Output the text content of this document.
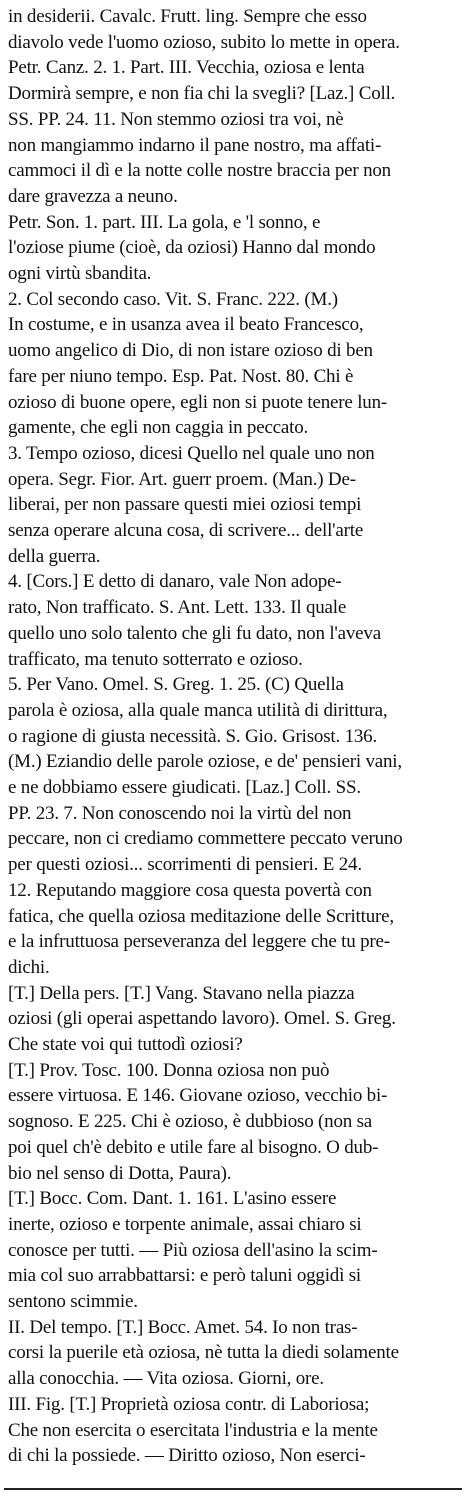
in desiderii. Cavalc. Frutt. ling. Sempre che esso
diavolo vede l'uomo ozioso, subito lo mette in opera.
Petr. Canz. 2. 1. Part. III. Vecchia, oziosa e lenta
Dormirà sempre, e non fia chi la svegli? [Laz.] Coll.
SS. PP. 24. 11. Non stemmo oziosi tra voi, nè
non mangiammo indarno il pane nostro, ma affati-
cammoci il dì e la notte colle nostre braccia per non
dare gravezza a neuno.
Petr. Son. 1. part. III. La gola, e 'l sonno, e
l'oziose piume (cioè, da oziosi) Hanno dal mondo
ogni virtù sbandita.
2. Col secondo caso. Vit. S. Franc. 222. (M.)
In costume, e in usanza avea il beato Francesco,
uomo angelico di Dio, di non istare ozioso di ben
fare per niuno tempo. Esp. Pat. Nost. 80. Chi è
ozioso di buone opere, egli non si puote tenere lun-
gamente, che egli non caggia in peccato.
3. Tempo ozioso, dicesi Quello nel quale uno non
opera. Segr. Fior. Art. guerr proem. (Man.) De-
liberai, per non passare questi miei oziosi tempi
senza operare alcuna cosa, di scrivere... dell'arte
della guerra.
4. [Cors.] E detto di danaro, vale Non adope-
rato, Non trafficato. S. Ant. Lett. 133. Il quale
quello uno solo talento che gli fu dato, non l'aveva
trafficato, ma tenuto sotterrato e ozioso.
5. Per Vano. Omel. S. Greg. 1. 25. (C) Quella
parola è oziosa, alla quale manca utilità di dirittura,
o ragione di giusta necessità. S. Gio. Grisost. 136.
(M.) Eziandio delle parole oziose, e de' pensieri vani,
e ne dobbiamo essere giudicati. [Laz.] Coll. SS.
PP. 23. 7. Non conoscendo noi la virtù del non
peccare, non ci crediamo commettere peccato veruno
per questi oziosi... scorrimenti di pensieri. E 24.
12. Reputando maggiore cosa questa povertà con
fatica, che quella oziosa meditazione delle Scritture,
e la infruttuosa perseveranza del leggere che tu pre-
dichi.
[T.] Della pers. [T.] Vang. Stavano nella piazza
oziosi (gli operai aspettando lavoro). Omel. S. Greg.
Che state voi qui tuttodì oziosi?
[T.] Prov. Tosc. 100. Donna oziosa non può
essere virtuosa. E 146. Giovane ozioso, vecchio bi-
sognoso. E 225. Chi è ozioso, è dubbioso (non sa
poi quel ch'è debito e utile fare al bisogno. O dub-
bio nel senso di Dotta, Paura).
[T.] Bocc. Com. Dant. 1. 161. L'asino essere
inerte, ozioso e torpente animale, assai chiaro si
conosce per tutti. — Più oziosa dell'asino la scim-
mia col suo arrabbattarsi: e però taluni oggidì si
sentono scimmie.
II. Del tempo. [T.] Bocc. Amet. 54. Io non tras-
corsi la puerile età oziosa, nè tutta la diedi solamente
alla conocchia. — Vita oziosa. Giorni, ore.
III. Fig. [T.] Proprietà oziosa contr. di Laboriosa;
Che non esercita o esercitata l'industria e la mente
di chi la possiede. — Diritto ozioso, Non eserci-
